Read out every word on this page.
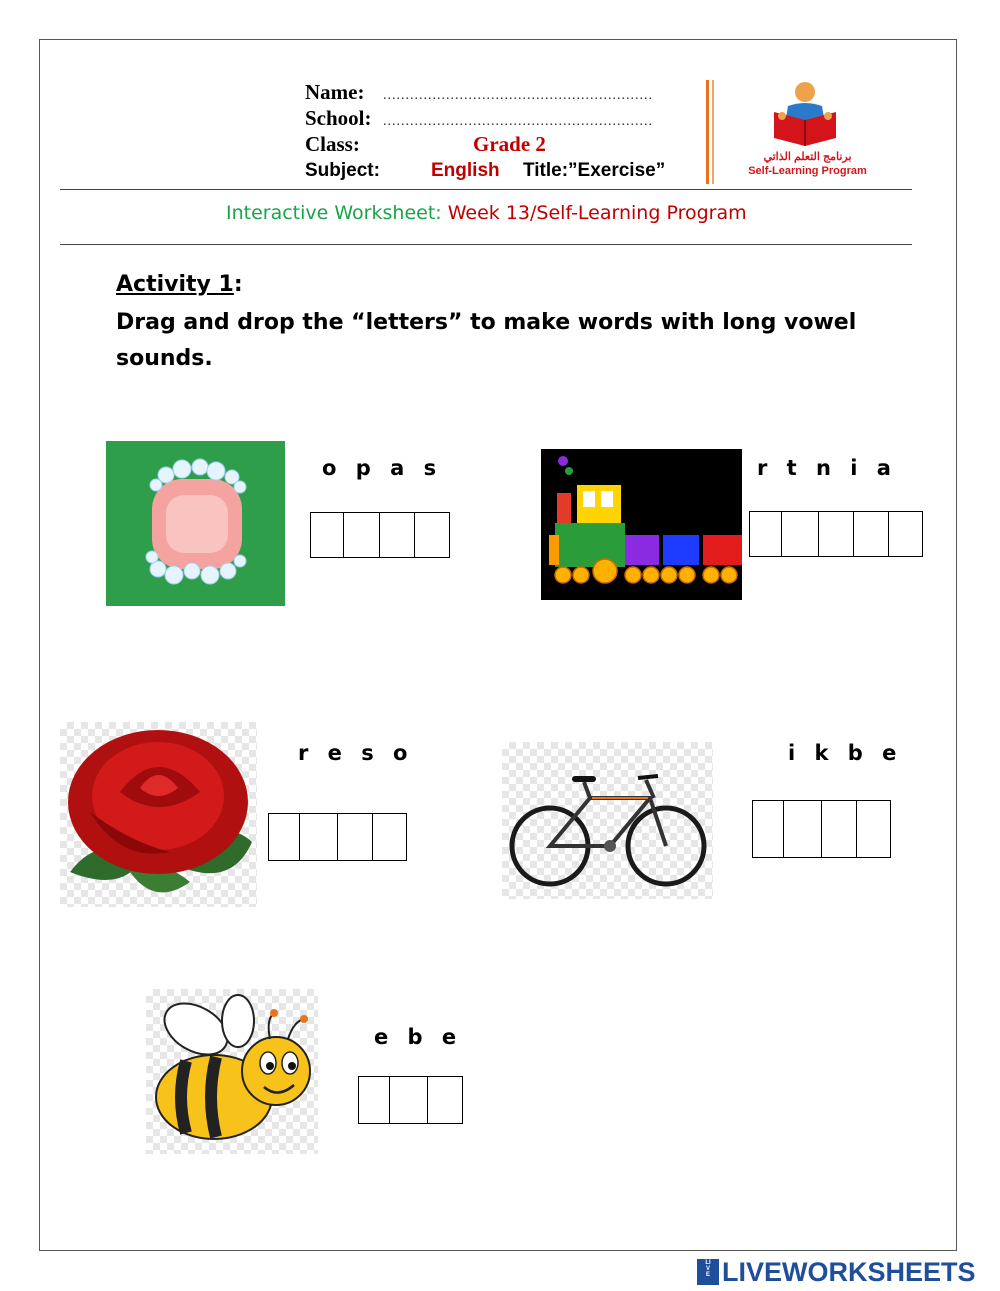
Name: ............................................................
School: ............................................................
Class:	Grade 2
Subject:	English Title:”Exercise”
برنامج التعلم الذاتي
Self-Learning Program
Interactive Worksheet: Week 13/Self-Learning Program
Activity 1:
Drag and drop the “letters” to make words with long vowel sounds.
o p a s	r t n i a
r e s o	i k b e
e b e
LIVE LIVEWORKSHEETS
